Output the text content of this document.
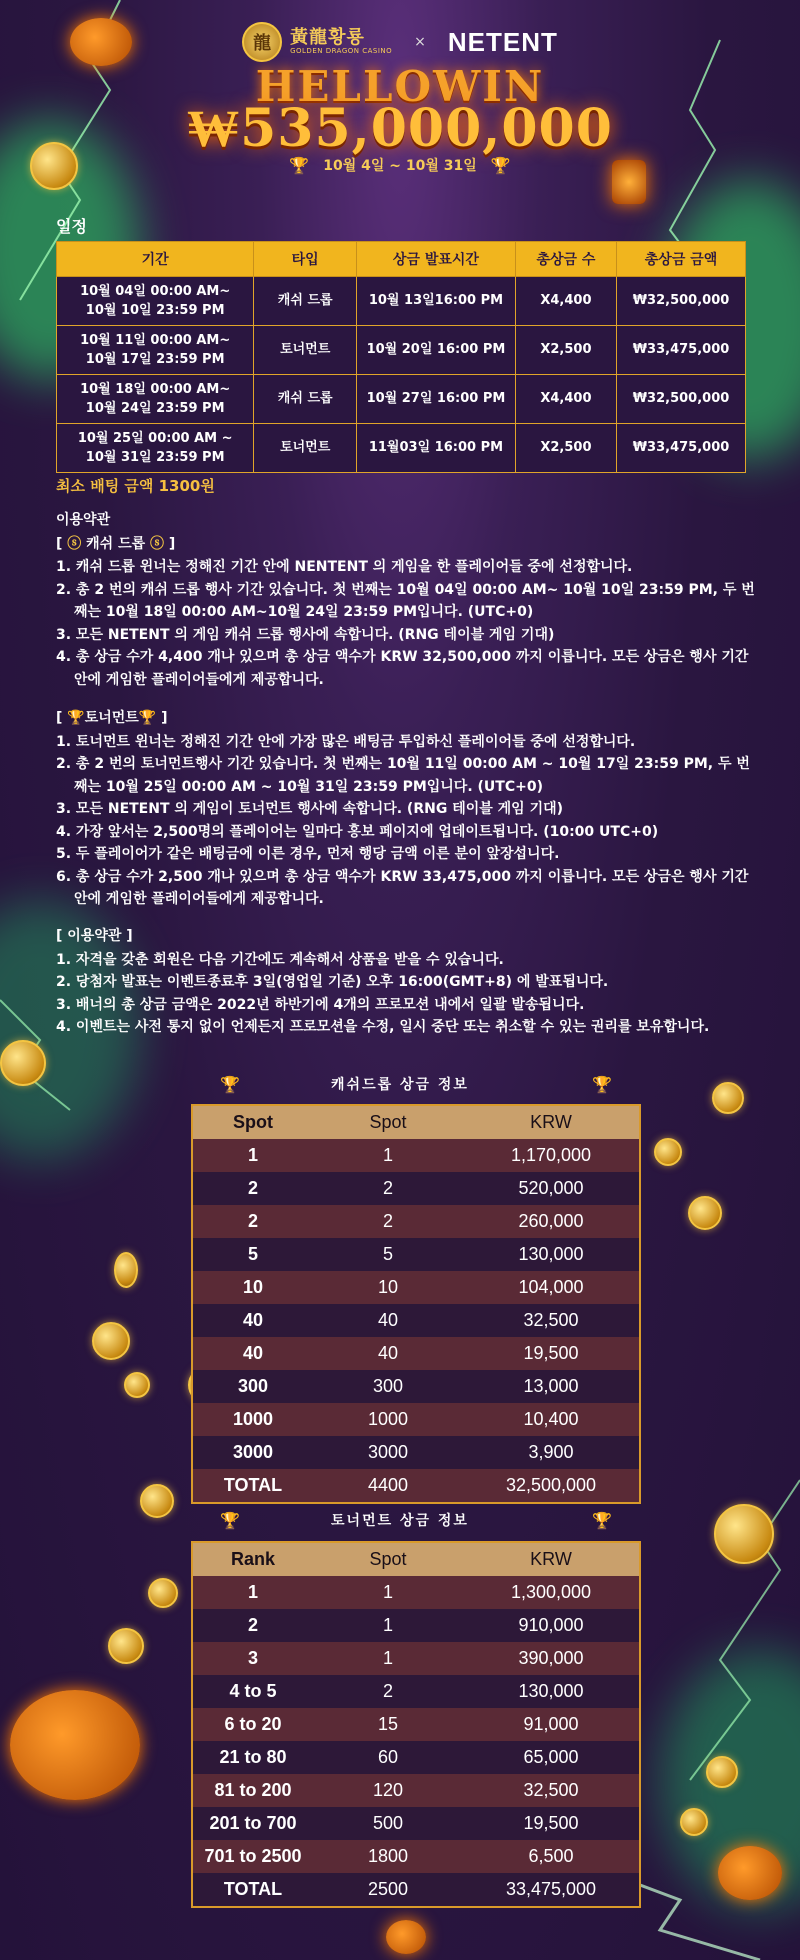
龍	黃龍황룡
GOLDEN DRAGON CASINO
× NETENT
HELLOWIN
₩535,000,000
🏆 10월 4일 ~ 10월 31일 🏆
일정
기간	타입	상금 발표시간	총상금 수	총상금 금액
10월 04일 00:00 AM~
10월 10일 23:59 PM	캐쉬 드롭	10월 13일16:00 PM	X4,400	₩32,500,000
10월 11일 00:00 AM~
10월 17일 23:59 PM	토너먼트	10월 20일 16:00 PM	X2,500	₩33,475,000
10월 18일 00:00 AM~
10월 24일 23:59 PM	캐쉬 드롭	10월 27일 16:00 PM	X4,400	₩32,500,000
10월 25일 00:00 AM ~
10월 31일 23:59 PM	토너먼트	11월03일 16:00 PM	X2,500	₩33,475,000
최소 배팅 금액 1300원
이용약관
[ ⓢ 캐쉬 드롭 ⓢ ]
1. 캐쉬 드롭 윈너는 정해진 기간 안에 NENTENT 의 게임을 한 플레이어들 중에 선정합니다.
2. 총 2 번의 캐쉬 드롭 행사 기간 있습니다. 첫 번째는 10월 04일 00:00 AM~ 10월 10일 23:59 PM, 두 번째는 10월 18일 00:00 AM~10월 24일 23:59 PM입니다. (UTC+0)
3. 모든 NETENT 의 게임 캐쉬 드롭 행사에 속합니다. (RNG 테이블 게임 기대)
4. 총 상금 수가 4,400 개나 있으며 총 상금 액수가 KRW 32,500,000 까지 이릅니다. 모든 상금은 행사 기간 안에 게임한 플레이어들에게 제공합니다.
[ 🏆토너먼트🏆 ]
1. 토너먼트 윈너는 정해진 기간 안에 가장 많은 배팅금 투입하신 플레이어들 중에 선정합니다.
2. 총 2 번의 토너먼트행사 기간 있습니다. 첫 번째는 10월 11일 00:00 AM ~ 10월 17일 23:59 PM, 두 번째는 10월 25일 00:00 AM ~ 10월 31일 23:59 PM입니다. (UTC+0)
3. 모든 NETENT 의 게임이 토너먼트 행사에 속합니다. (RNG 테이블 게임 기대)
4. 가장 앞서는 2,500명의 플레이어는 일마다 홍보 페이지에 업데이트됩니다. (10:00 UTC+0)
5. 두 플레이어가 같은 배팅금에 이른 경우, 먼저 행당 금액 이른 분이 앞장섭니다.
6. 총 상금 수가 2,500 개나 있으며 총 상금 액수가 KRW 33,475,000 까지 이릅니다. 모든 상금은 행사 기간 안에 게임한 플레이어들에게 제공합니다.
[ 이용약관 ]
1. 자격을 갖춘 회원은 다음 기간에도 계속해서 상품을 받을 수 있습니다.
2. 당첨자 발표는 이벤트종료후 3일(영업일 기준) 오후 16:00(GMT+8) 에 발표됩니다.
3. 배너의 총 상금 금액은 2022년 하반기에 4개의 프로모션 내에서 일괄 발송됩니다.
4. 이벤트는 사전 통지 없이 언제든지 프로모션을 수정, 일시 중단 또는 취소할 수 있는 권리를 보유합니다.
🏆	캐쉬드롭 상금 정보	🏆
Spot	Spot	KRW
1	1	1,170,000
2	2	520,000
2	2	260,000
5	5	130,000
10	10	104,000
40	40	32,500
40	40	19,500
300	300	13,000
1000	1000	10,400
3000	3000	3,900
TOTAL	4400	32,500,000
🏆	토너먼트 상금 정보	🏆
Rank	Spot	KRW
1	1	1,300,000
2	1	910,000
3	1	390,000
4 to 5	2	130,000
6 to 20	15	91,000
21 to 80	60	65,000
81 to 200	120	32,500
201 to 700	500	19,500
701 to 2500	1800	6,500
TOTAL	2500	33,475,000
